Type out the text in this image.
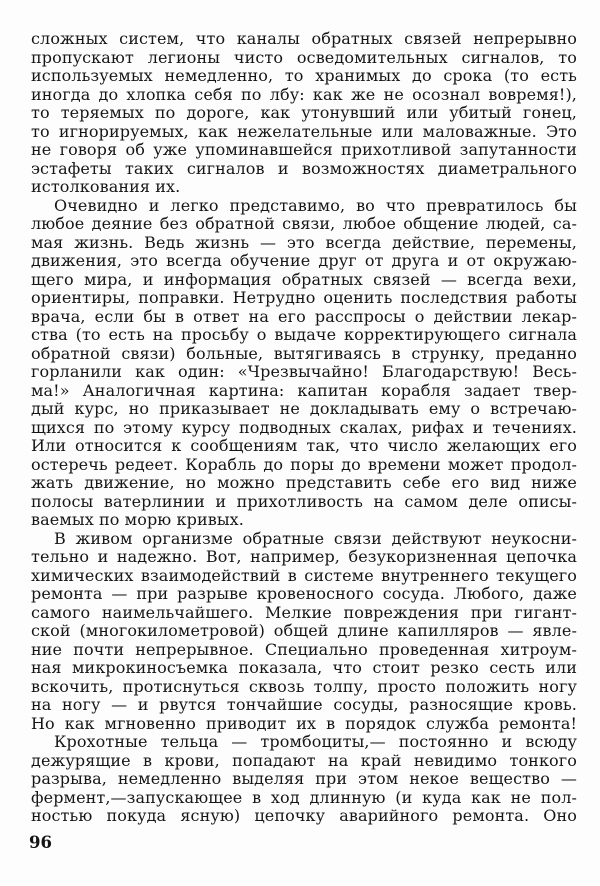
сложных систем, что каналы обратных связей непрерывно
пропускают легионы чисто осведомительных сигналов, то
используемых немедленно, то хранимых до срока (то есть
иногда до хлопка себя по лбу: как же не осознал вовремя!),
то теряемых по дороге, как утонувший или убитый гонец,
то игнорируемых, как нежелательные или маловажные. Это
не говоря об уже упоминавшейся прихотливой запутанности
эстафеты таких сигналов и возможностях диаметрального
истолкования их.
Очевидно и легко представимо, во что превратилось бы
любое деяние без обратной связи, любое общение людей, са-
мая жизнь. Ведь жизнь — это всегда действие, перемены,
движения, это всегда обучение друг от друга и от окружаю-
щего мира, и информация обратных связей — всегда вехи,
ориентиры, поправки. Нетрудно оценить последствия работы
врача, если бы в ответ на его расспросы о действии лекар-
ства (то есть на просьбу о выдаче корректирующего сигнала
обратной связи) больные, вытягиваясь в струнку, преданно
горланили как один: «Чрезвычайно! Благодарствую! Весь-
ма!» Аналогичная картина: капитан корабля задает твер-
дый курс, но приказывает не докладывать ему о встречаю-
щихся по этому курсу подводных скалах, рифах и течениях.
Или относится к сообщениям так, что число желающих его
остеречь редеет. Корабль до поры до времени может продол-
жать движение, но можно представить себе его вид ниже
полосы ватерлинии и прихотливость на самом деле описы-
ваемых по морю кривых.
В живом организме обратные связи действуют неукосни-
тельно и надежно. Вот, например, безукоризненная цепочка
химических взаимодействий в системе внутреннего текущего
ремонта — при разрыве кровеносного сосуда. Любого, даже
самого наимельчайшего. Мелкие повреждения при гигант-
ской (многокилометровой) общей длине капилляров — явле-
ние почти непрерывное. Специально проведенная хитроум-
ная микрокиносъемка показала, что стоит резко сесть или
вскочить, протиснуться сквозь толпу, просто положить ногу
на ногу — и рвутся тончайшие сосуды, разносящие кровь.
Но как мгновенно приводит их в порядок служба ремонта!
Крохотные тельца — тромбоциты,— постоянно и всюду
дежурящие в крови, попадают на край невидимо тонкого
разрыва, немедленно выделяя при этом некое вещество —
фермент,—запускающее в ход длинную (и куда как не пол-
ностью покуда ясную) цепочку аварийного ремонта. Оно
96
